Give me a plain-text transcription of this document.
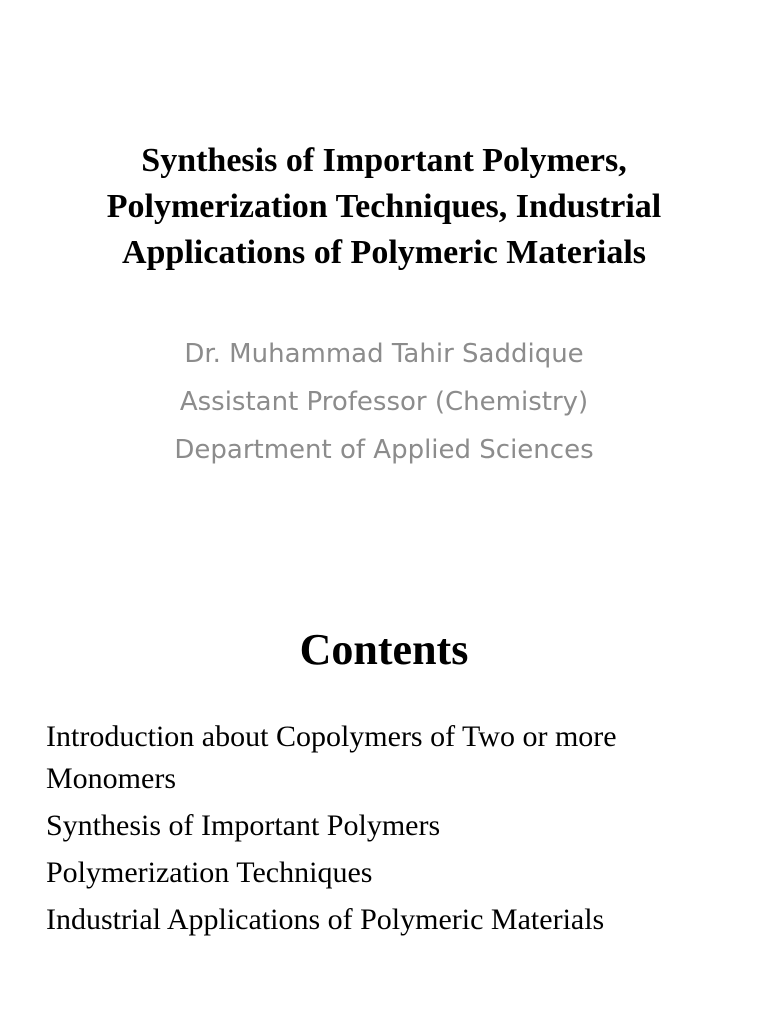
Synthesis of Important Polymers,
Polymerization Techniques, Industrial
Applications of Polymeric Materials
Dr. Muhammad Tahir Saddique
Assistant Professor (Chemistry)
Department of Applied Sciences
Contents
Introduction about Copolymers of Two or more Monomers
Synthesis of Important Polymers
Polymerization Techniques
Industrial Applications of Polymeric Materials
